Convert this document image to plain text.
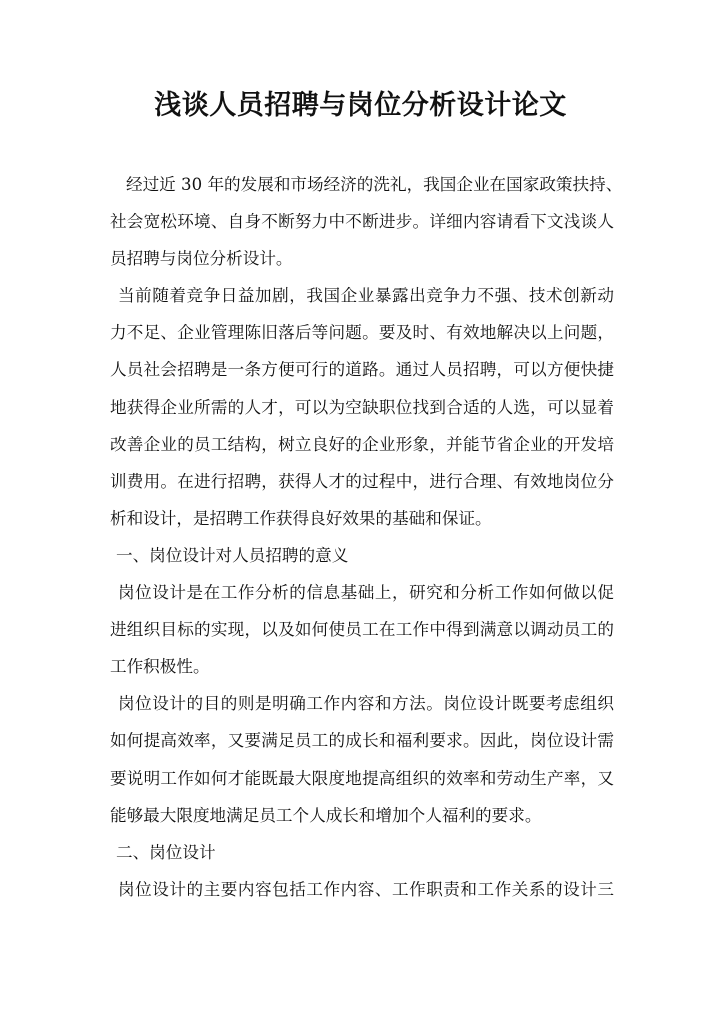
浅谈人员招聘与岗位分析设计论文
经过近 30 年的发展和市场经济的洗礼，我国企业在国家政策扶持、
社会宽松环境、自身不断努力中不断进步。详细内容请看下文浅谈人
员招聘与岗位分析设计。
当前随着竞争日益加剧，我国企业暴露出竞争力不强、技术创新动
力不足、企业管理陈旧落后等问题。要及时、有效地解决以上问题，
人员社会招聘是一条方便可行的道路。通过人员招聘，可以方便快捷
地获得企业所需的人才，可以为空缺职位找到合适的人选，可以显着
改善企业的员工结构，树立良好的企业形象，并能节省企业的开发培
训费用。在进行招聘，获得人才的过程中，进行合理、有效地岗位分
析和设计，是招聘工作获得良好效果的基础和保证。
一、岗位设计对人员招聘的意义
岗位设计是在工作分析的信息基础上，研究和分析工作如何做以促
进组织目标的实现，以及如何使员工在工作中得到满意以调动员工的
工作积极性。
岗位设计的目的则是明确工作内容和方法。岗位设计既要考虑组织
如何提高效率，又要满足员工的成长和福利要求。因此，岗位设计需
要说明工作如何才能既最大限度地提高组织的效率和劳动生产率，又
能够最大限度地满足员工个人成长和增加个人福利的要求。
二、岗位设计
岗位设计的主要内容包括工作内容、工作职责和工作关系的设计三
